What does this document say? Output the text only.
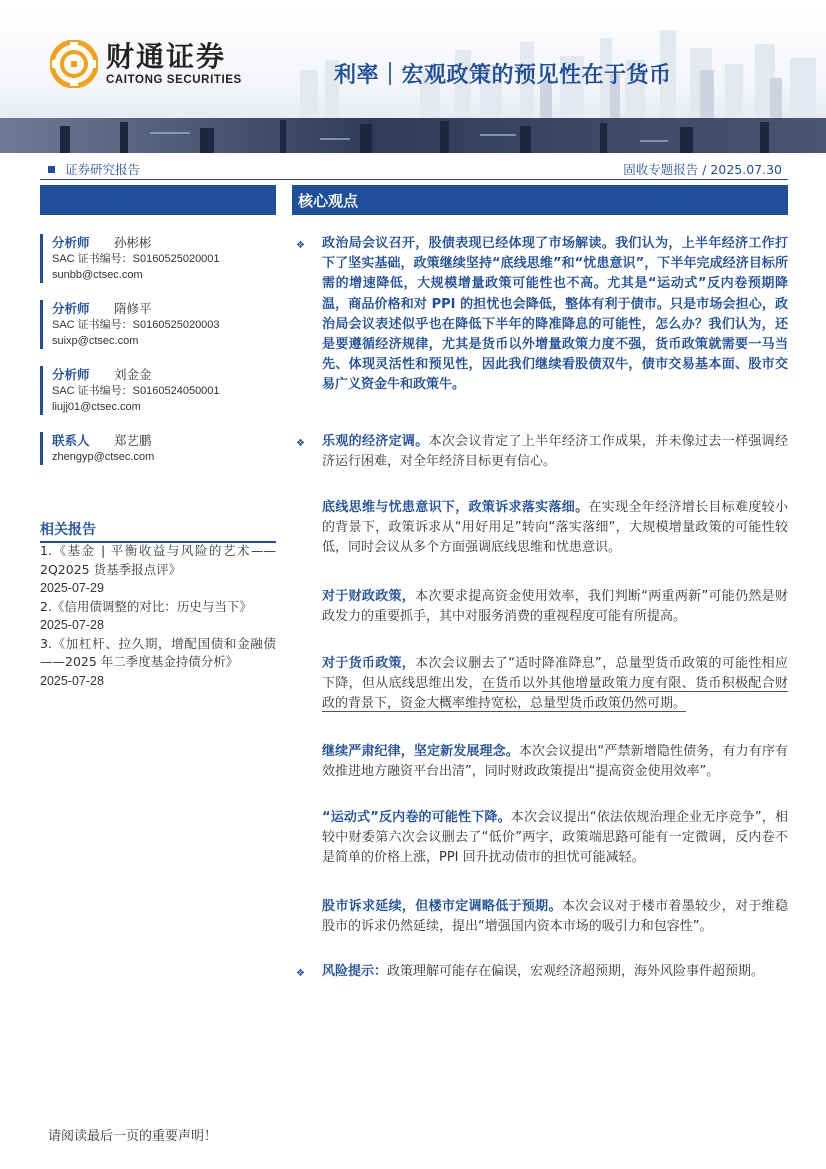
财通证券
CAITONG SECURITIES	利率｜宏观政策的预见性在于货币
证券研究报告	固收专题报告 / 2025.07.30
分析师	孙彬彬
SAC 证书编号：S0160525020001
sunbb@ctsec.com
分析师	隋修平
SAC 证书编号：S0160525020003
suixp@ctsec.com
分析师	刘金金
SAC 证书编号：S0160524050001
liujj01@ctsec.com
联系人	郑艺鹏
zhengyp@ctsec.com
相关报告
1.《基金 | 平衡收益与风险的艺术——2Q2025 货基季报点评》
2025-07-29
2.《信用债调整的对比：历史与当下》
2025-07-28
3.《加杠杆、拉久期，增配国债和金融债——2025 年二季度基金持债分析》
2025-07-28
核心观点
❖ 政治局会议召开，股债表现已经体现了市场解读。我们认为，上半年经济工作打下了坚实基础，政策继续坚持“底线思维”和“忧患意识”，下半年完成经济目标所需的增速降低，大规模增量政策可能性也不高。尤其是“运动式”反内卷预期降温，商品价格和对 PPI 的担忧也会降低，整体有利于债市。只是市场会担心，政治局会议表述似乎也在降低下半年的降准降息的可能性，怎么办？我们认为，还是要遵循经济规律，尤其是货币以外增量政策力度不强，货币政策就需要一马当先、体现灵活性和预见性，因此我们继续看股债双牛，债市交易基本面、股市交易广义资金牛和政策牛。
❖ 乐观的经济定调。本次会议肯定了上半年经济工作成果，并未像过去一样强调经济运行困难，对全年经济目标更有信心。
底线思维与忧患意识下，政策诉求落实落细。在实现全年经济增长目标难度较小的背景下，政策诉求从“用好用足”转向“落实落细”，大规模增量政策的可能性较低，同时会议从多个方面强调底线思维和忧患意识。
对于财政政策，本次要求提高资金使用效率，我们判断“两重两新”可能仍然是财政发力的重要抓手，其中对服务消费的重视程度可能有所提高。
对于货币政策，本次会议删去了“适时降准降息”，总量型货币政策的可能性相应下降，但从底线思维出发，在货币以外其他增量政策力度有限、货币积极配合财政的背景下，资金大概率维持宽松，总量型货币政策仍然可期。
继续严肃纪律，坚定新发展理念。本次会议提出“严禁新增隐性债务，有力有序有效推进地方融资平台出清”，同时财政政策提出“提高资金使用效率”。
“运动式”反内卷的可能性下降。本次会议提出“依法依规治理企业无序竞争”，相较中财委第六次会议删去了“低价”两字，政策端思路可能有一定微调，反内卷不是简单的价格上涨，PPI 回升扰动债市的担忧可能减轻。
股市诉求延续，但楼市定调略低于预期。本次会议对于楼市着墨较少，对于维稳股市的诉求仍然延续，提出“增强国内资本市场的吸引力和包容性”。
❖ 风险提示：政策理解可能存在偏误，宏观经济超预期，海外风险事件超预期。
请阅读最后一页的重要声明！
